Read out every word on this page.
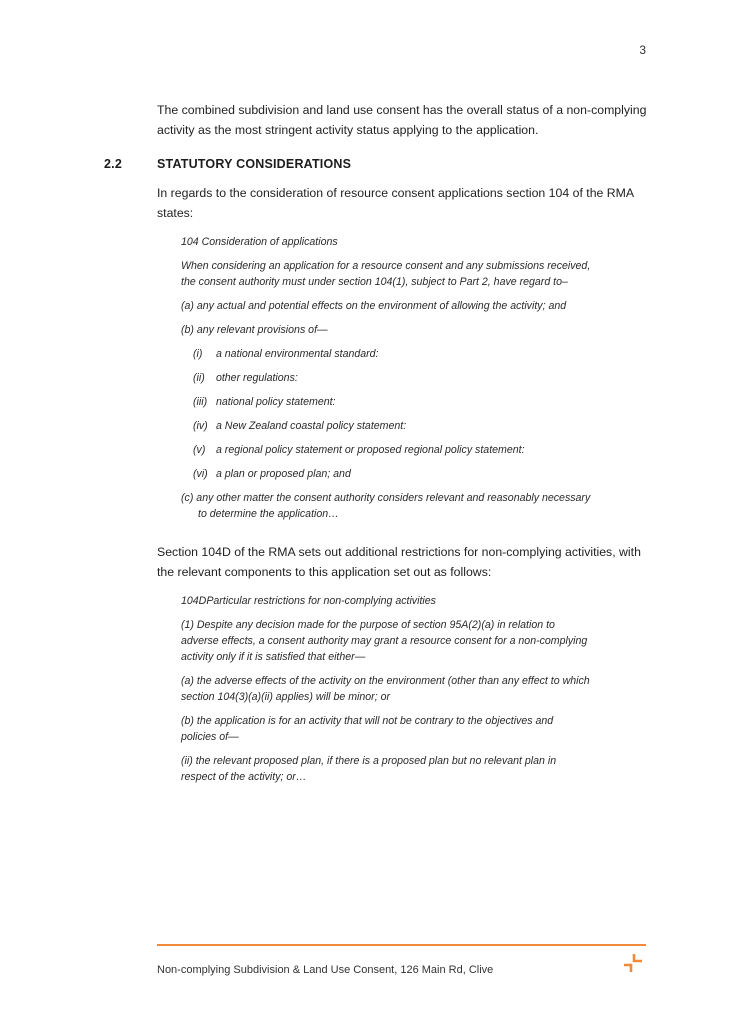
3

The combined subdivision and land use consent has the overall status of a non-complying activity as the most stringent activity status applying to the application.

2.2	STATUTORY CONSIDERATIONS

In regards to the consideration of resource consent applications section 104 of the RMA states:

104 Consideration of applications

When considering an application for a resource consent and any submissions received, the consent authority must under section 104(1), subject to Part 2, have regard to–

(a) any actual and potential effects on the environment of allowing the activity; and

(b) any relevant provisions of—

(i) a national environmental standard:

(ii) other regulations:

(iii) national policy statement:

(iv) a New Zealand coastal policy statement:

(v) a regional policy statement or proposed regional policy statement:

(vi) a plan or proposed plan; and

(c) any other matter the consent authority considers relevant and reasonably necessary to determine the application…

Section 104D of the RMA sets out additional restrictions for non-complying activities, with the relevant components to this application set out as follows:

104DParticular restrictions for non-complying activities

(1) Despite any decision made for the purpose of section 95A(2)(a) in relation to adverse effects, a consent authority may grant a resource consent for a non-complying activity only if it is satisfied that either—

(a) the adverse effects of the activity on the environment (other than any effect to which section 104(3)(a)(ii) applies) will be minor; or

(b) the application is for an activity that will not be contrary to the objectives and policies of—

(ii) the relevant proposed plan, if there is a proposed plan but no relevant plan in respect of the activity; or…

Non-complying Subdivision & Land Use Consent, 126 Main Rd, Clive
